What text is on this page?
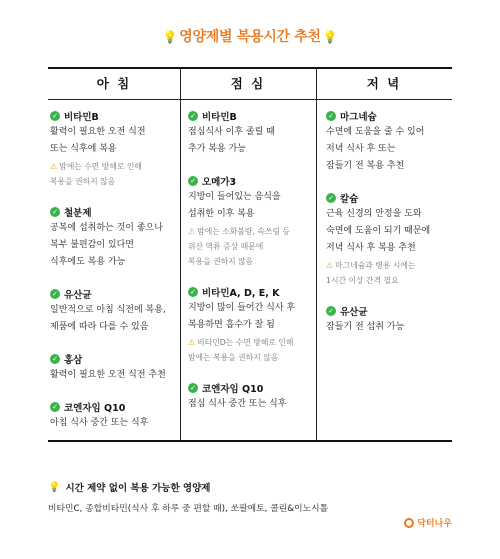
💡 영양제별 복용시간 추천 💡
아 침	점 심	저 녁
✓ 비타민B
활력이 필요한 오전 식전
또는 식후에 복용
⚠ 밤에는 수면 방해로 인해
복용을 권하지 않음
✓ 철분제
공복에 섭취하는 것이 좋으나
복부 불편감이 있다면
식후에도 복용 가능
✓ 유산균
일반적으로 아침 식전에 복용,
제품에 따라 다를 수 있음
✓ 홍삼
활력이 필요한 오전 식전 추천
✓ 코엔자임 Q10
아침 식사 중간 또는 식후
✓ 비타민B
점심식사 이후 졸릴 때
추가 복용 가능
✓ 오메가3
지방이 들어있는 음식을
섭취한 이후 복용
⚠ 밤에는 소화불량, 속쓰림 등
위산 역류 증상 때문에
복용을 권하지 않음
✓ 비타민A, D, E, K
지방이 많이 들어간 식사 후
복용하면 흡수가 잘 됨
⚠ 비타민D는 수면 방해로 인해
밤에는 복용을 권하지 않음
✓ 코엔자임 Q10
점심 식사 중간 또는 식후
✓ 마그네슘
수면에 도움을 줄 수 있어
저녁 식사 후 또는
잠들기 전 복용 추천
✓ 칼슘
근육 신경의 안정을 도와
숙면에 도움이 되기 때문에
저녁 식사 후 복용 추천
⚠ 마그네슘과 병용 시에는
1시간 이상 간격 필요
✓ 유산균
잠들기 전 섭취 가능
💡 시간 제약 없이 복용 가능한 영양제
비타민C, 종합비타민(식사 후 하루 중 편할 때), 쏘팔메토, 콜린&이노시톨
닥터나우
